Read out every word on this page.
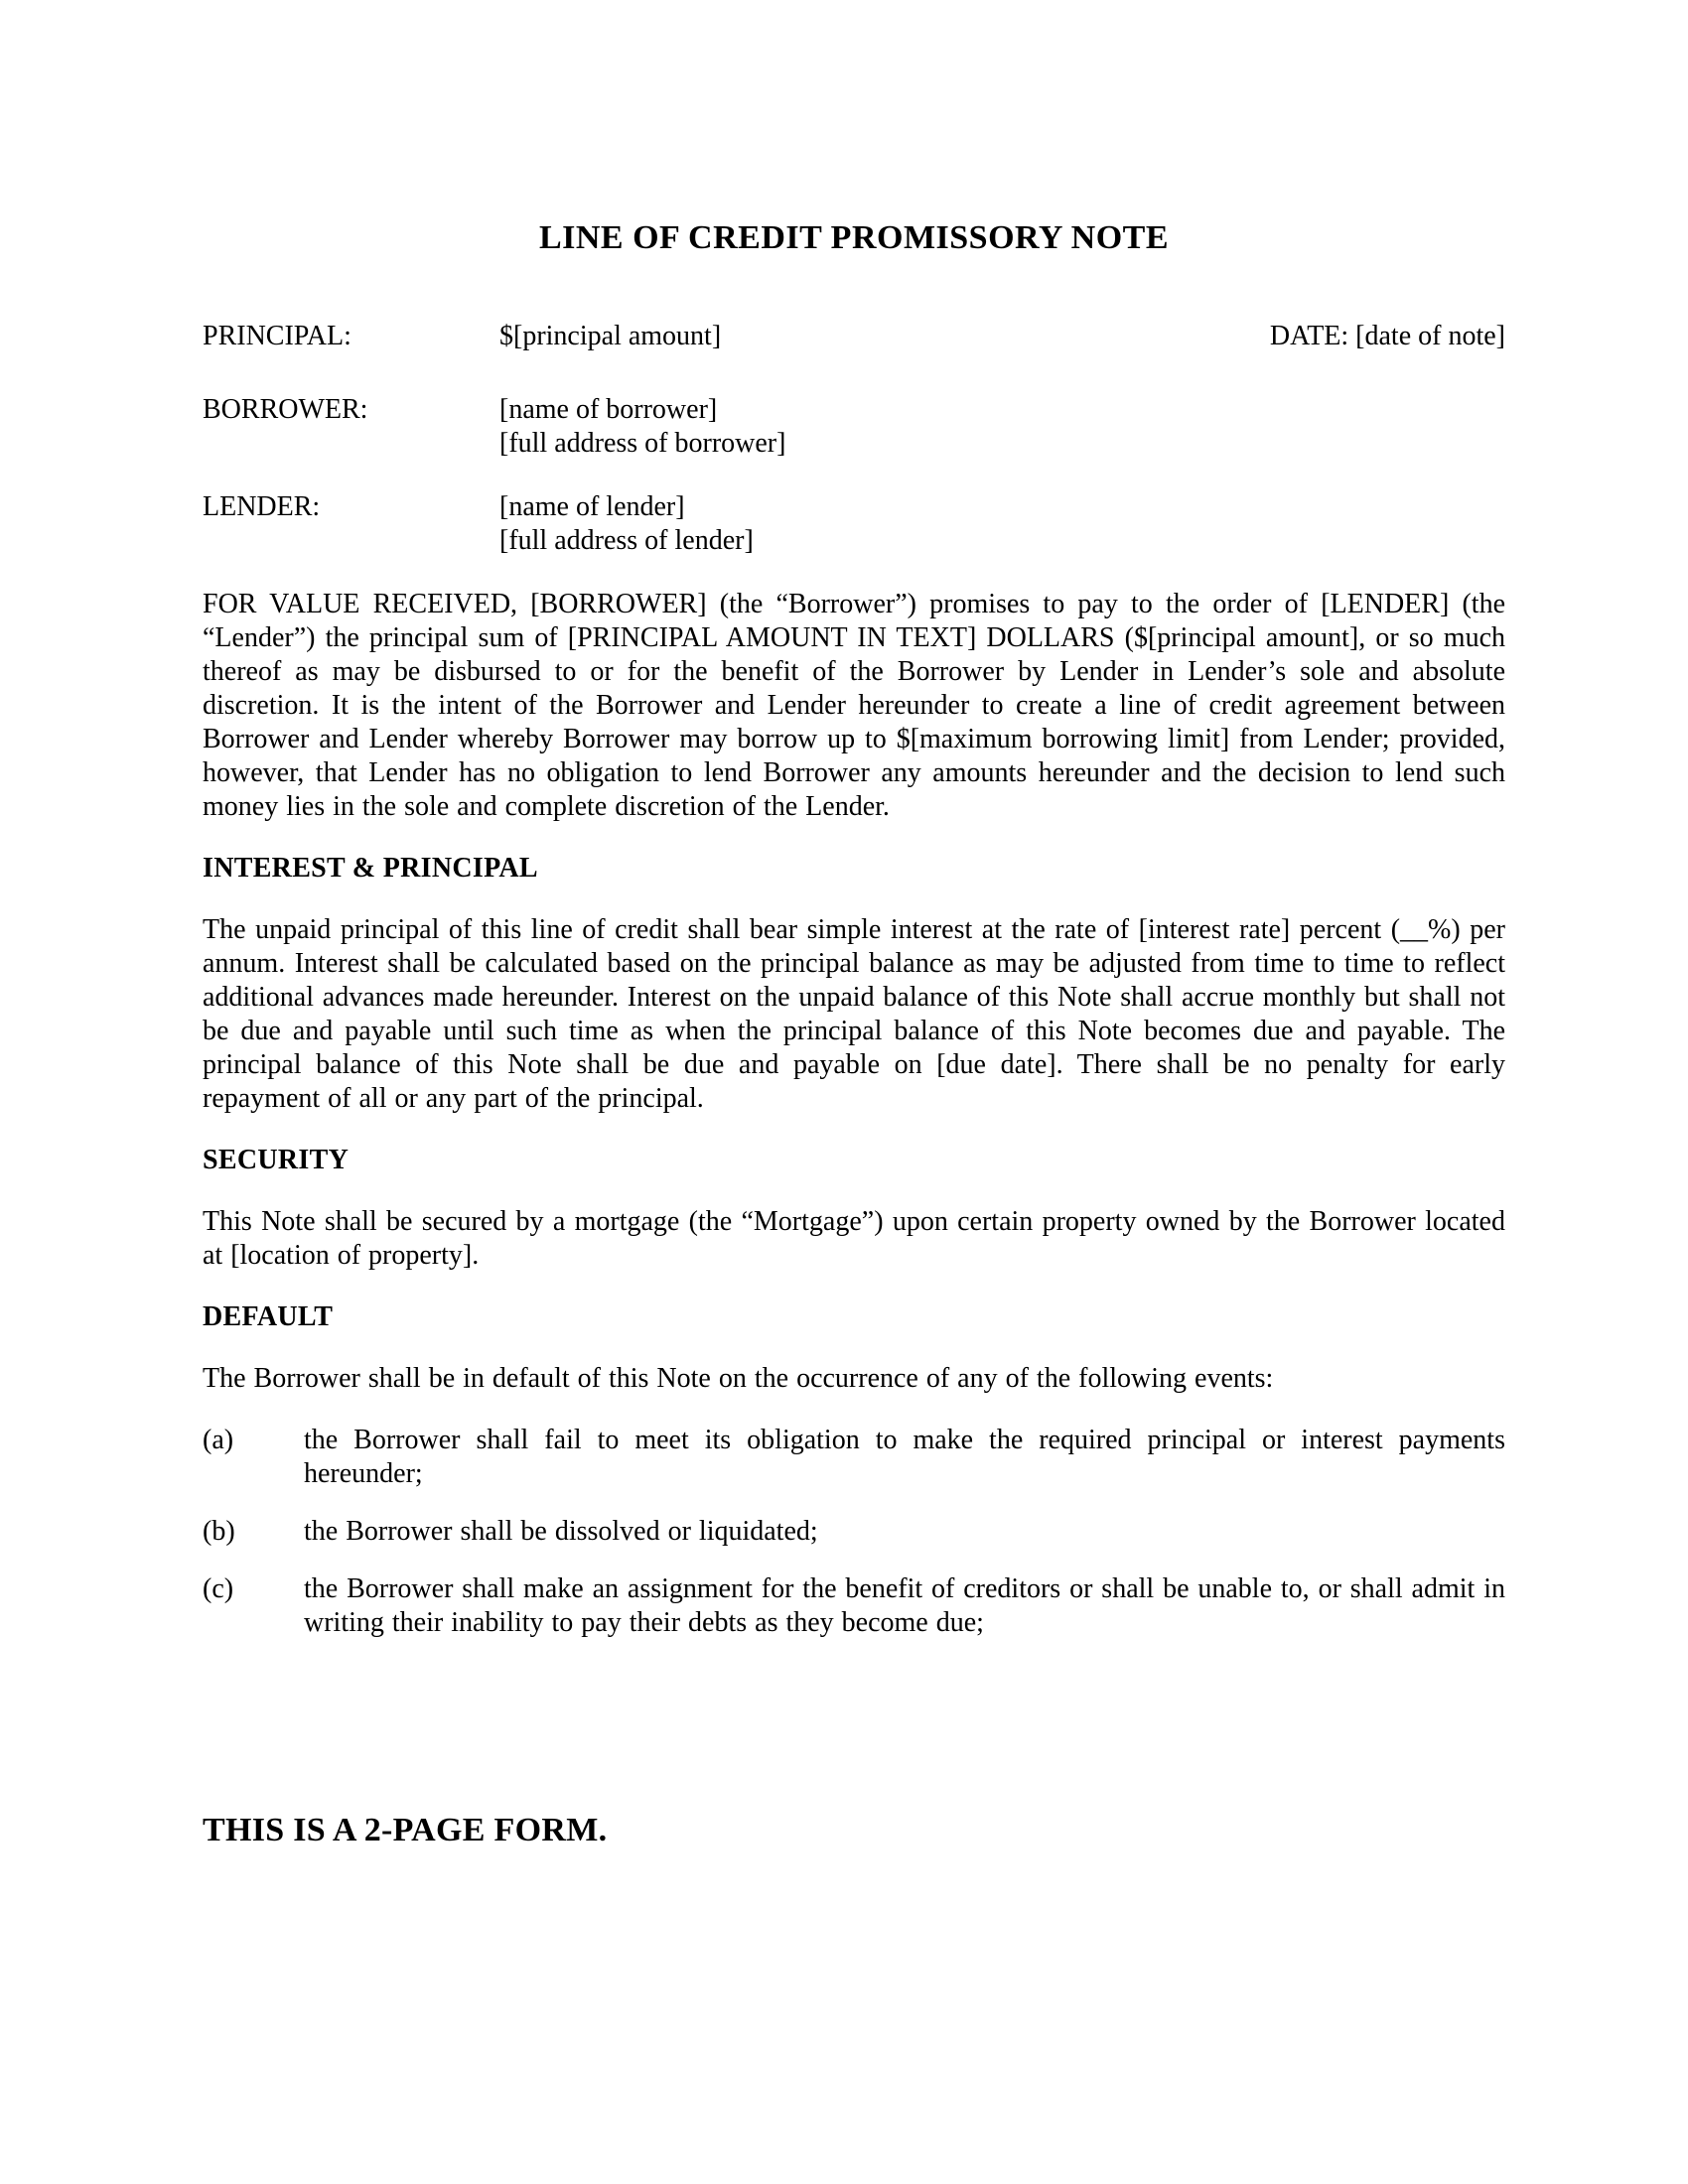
LINE OF CREDIT PROMISSORY NOTE
PRINCIPAL:	$[principal amount]	DATE: [date of note]
BORROWER:	[name of borrower]
[full address of borrower]
LENDER:	[name of lender]
[full address of lender]

FOR VALUE RECEIVED, [BORROWER] (the “Borrower”) promises to pay to the order of [LENDER] (the “Lender”) the principal sum of [PRINCIPAL AMOUNT IN TEXT] DOLLARS ($[principal amount], or so much thereof as may be disbursed to or for the benefit of the Borrower by Lender in Lender’s sole and absolute discretion. It is the intent of the Borrower and Lender hereunder to create a line of credit agreement between Borrower and Lender whereby Borrower may borrow up to $[maximum borrowing limit] from Lender; provided, however, that Lender has no obligation to lend Borrower any amounts hereunder and the decision to lend such money lies in the sole and complete discretion of the Lender.

INTEREST & PRINCIPAL

The unpaid principal of this line of credit shall bear simple interest at the rate of [interest rate] percent (__%) per annum. Interest shall be calculated based on the principal balance as may be adjusted from time to time to reflect additional advances made hereunder. Interest on the unpaid balance of this Note shall accrue monthly but shall not be due and payable until such time as when the principal balance of this Note becomes due and payable. The principal balance of this Note shall be due and payable on [due date]. There shall be no penalty for early repayment of all or any part of the principal.

SECURITY

This Note shall be secured by a mortgage (the “Mortgage”) upon certain property owned by the Borrower located at [location of property].

DEFAULT

The Borrower shall be in default of this Note on the occurrence of any of the following events:

(a)	the Borrower shall fail to meet its obligation to make the required principal or interest payments hereunder;
(b)	the Borrower shall be dissolved or liquidated;
(c)	the Borrower shall make an assignment for the benefit of creditors or shall be unable to, or shall admit in writing their inability to pay their debts as they become due;
THIS IS A 2-PAGE FORM.
